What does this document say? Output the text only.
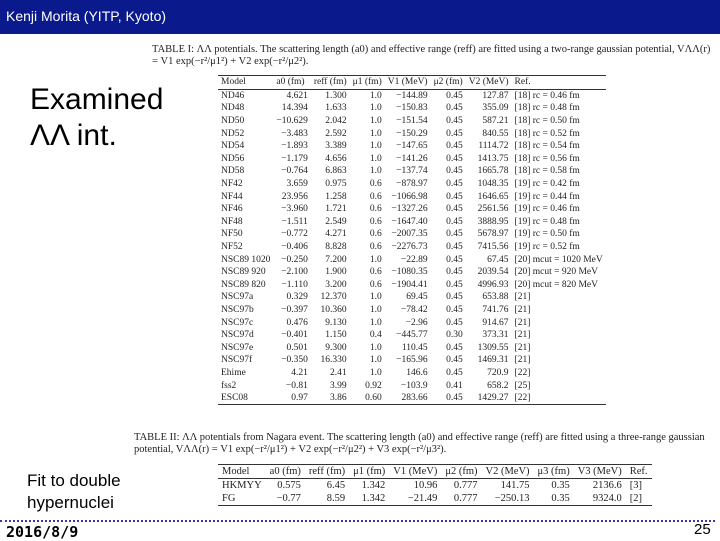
Kenji Morita (YITP, Kyoto)
Examined
ΛΛ int.
TABLE I: ΛΛ potentials. The scattering length (a0) and effective range (reff) are fitted using a two-range gaussian potential, VΛΛ(r) = V1 exp(−r²/μ1²) + V2 exp(−r²/μ2²).
Model	a0 (fm)	reff (fm)	μ1 (fm)	V1 (MeV)	μ2 (fm)	V2 (MeV)	Ref.
ND46	4.621	1.300	1.0	−144.89	0.45	127.87	[18] rc = 0.46 fm
ND48	14.394	1.633	1.0	−150.83	0.45	355.09	[18] rc = 0.48 fm
ND50	−10.629	2.042	1.0	−151.54	0.45	587.21	[18] rc = 0.50 fm
ND52	−3.483	2.592	1.0	−150.29	0.45	840.55	[18] rc = 0.52 fm
ND54	−1.893	3.389	1.0	−147.65	0.45	1114.72	[18] rc = 0.54 fm
ND56	−1.179	4.656	1.0	−141.26	0.45	1413.75	[18] rc = 0.56 fm
ND58	−0.764	6.863	1.0	−137.74	0.45	1665.78	[18] rc = 0.58 fm
NF42	3.659	0.975	0.6	−878.97	0.45	1048.35	[19] rc = 0.42 fm
NF44	23.956	1.258	0.6	−1066.98	0.45	1646.65	[19] rc = 0.44 fm
NF46	−3.960	1.721	0.6	−1327.26	0.45	2561.56	[19] rc = 0.46 fm
NF48	−1.511	2.549	0.6	−1647.40	0.45	3888.95	[19] rc = 0.48 fm
NF50	−0.772	4.271	0.6	−2007.35	0.45	5678.97	[19] rc = 0.50 fm
NF52	−0.406	8.828	0.6	−2276.73	0.45	7415.56	[19] rc = 0.52 fm
NSC89 1020	−0.250	7.200	1.0	−22.89	0.45	67.45	[20] mcut = 1020 MeV
NSC89 920	−2.100	1.900	0.6	−1080.35	0.45	2039.54	[20] mcut = 920 MeV
NSC89 820	−1.110	3.200	0.6	−1904.41	0.45	4996.93	[20] mcut = 820 MeV
NSC97a	0.329	12.370	1.0	69.45	0.45	653.88	[21]
NSC97b	−0.397	10.360	1.0	−78.42	0.45	741.76	[21]
NSC97c	0.476	9.130	1.0	−2.96	0.45	914.67	[21]
NSC97d	−0.401	1.150	0.4	−445.77	0.30	373.31	[21]
NSC97e	0.501	9.300	1.0	110.45	0.45	1309.55	[21]
NSC97f	−0.350	16.330	1.0	−165.96	0.45	1469.31	[21]
Ehime	4.21	2.41	1.0	146.6	0.45	720.9	[22]
fss2	−0.81	3.99	0.92	−103.9	0.41	658.2	[25]
ESC08	0.97	3.86	0.60	283.66	0.45	1429.27	[22]
TABLE II: ΛΛ potentials from Nagara event. The scattering length (a0) and effective range (reff) are fitted using a three-range gaussian potential, VΛΛ(r) = V1 exp(−r²/μ1²) + V2 exp(−r²/μ2²) + V3 exp(−r²/μ3²).
Model	a0 (fm)	reff (fm)	μ1 (fm)	V1 (MeV)	μ2 (fm)	V2 (MeV)	μ3 (fm)	V3 (MeV)	Ref.
HKMYY	0.575	6.45	1.342	10.96	0.777	141.75	0.35	2136.6	[3]
FG	−0.77	8.59	1.342	−21.49	0.777	−250.13	0.35	9324.0	[2]
Fit to double
hypernuclei
2016/8/9	25
